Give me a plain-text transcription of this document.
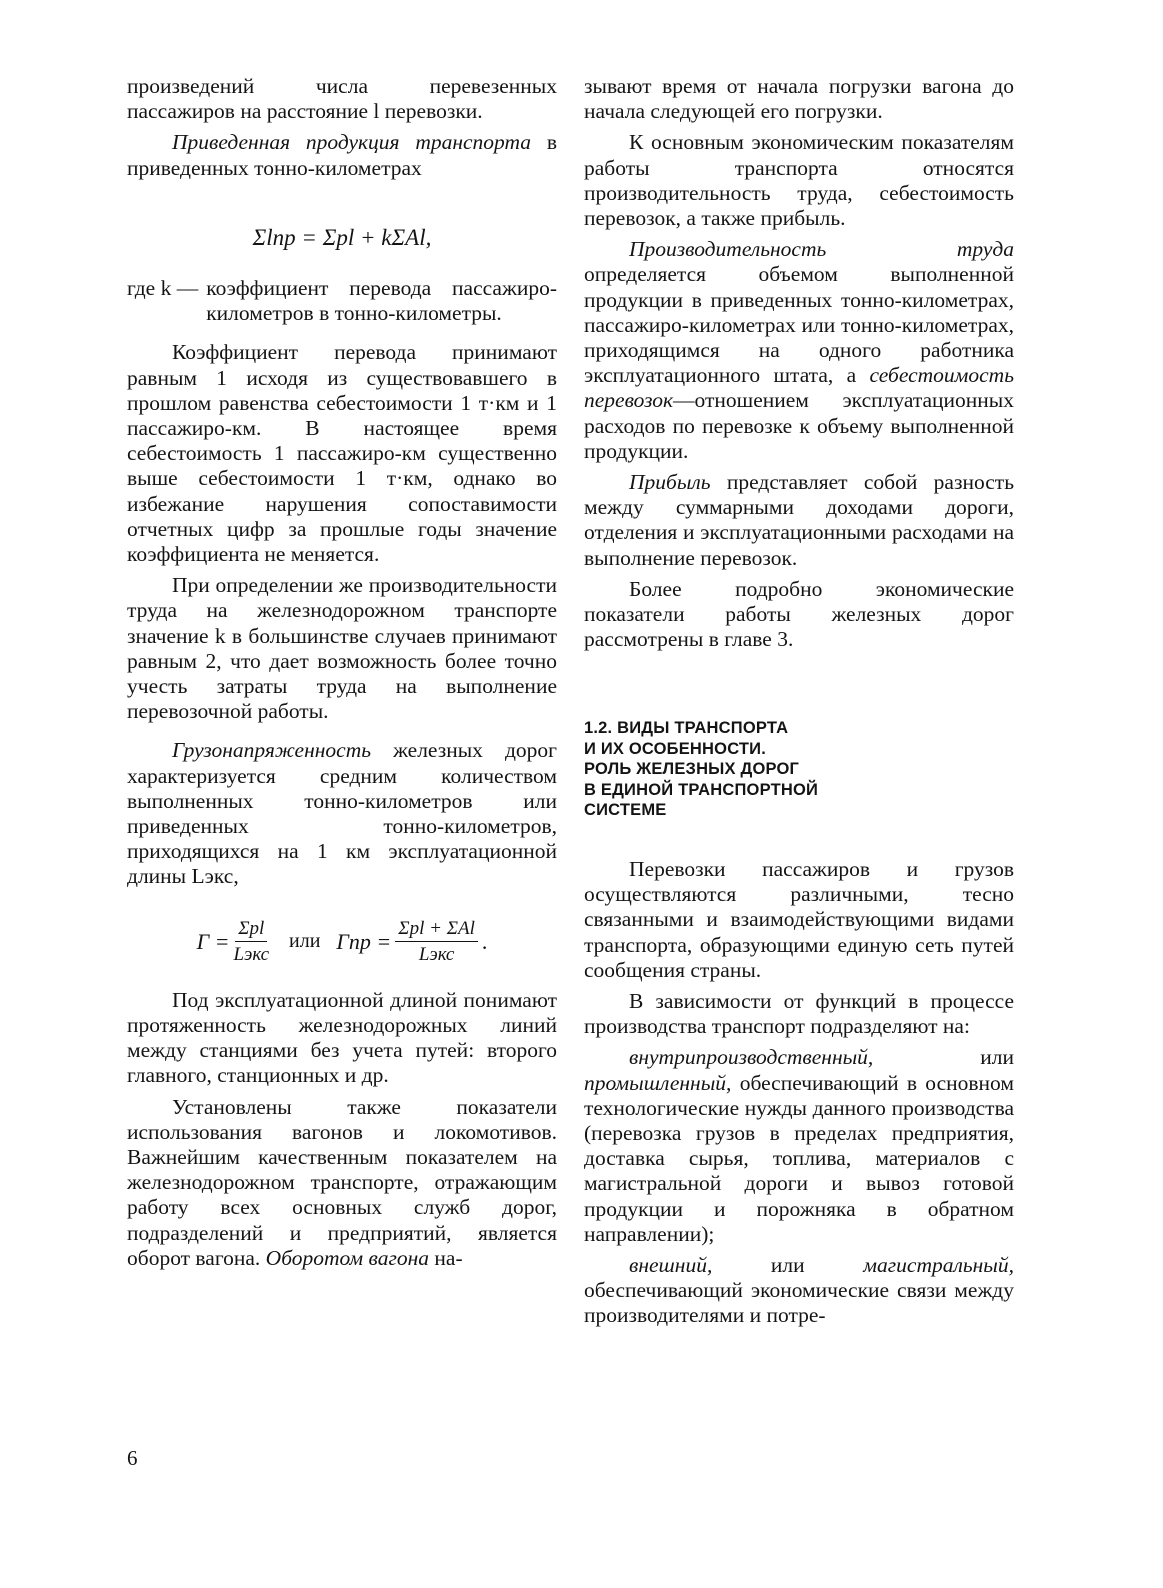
произведений числа перевезенных пассажиров на расстояние l перевозки.

Приведенная продукция транспорта в приведенных тонно-километрах

Σlпр = Σpl + kΣAl,
где k — коэффициент перевода пассажиро-километров в тонно-километры.

Коэффициент перевода принимают равным 1 исходя из существовавшего в прошлом равенства себестоимости 1 т·км и 1 пассажиро-км. В настоящее время себестоимость 1 пассажиро-км существенно выше себестоимости 1 т·км, однако во избежание нарушения сопоставимости отчетных цифр за прошлые годы значение коэффициента не меняется.

При определении же производительности труда на железнодорожном транспорте значение k в большинстве случаев принимают равным 2, что дает возможность более точно учесть затраты труда на выполнение перевозочной работы.

Грузонапряженность железных дорог характеризуется средним количеством выполненных тонно-километров или приведенных тонно-километров, приходящихся на 1 км эксплуатационной длины Lэкс,

$Г = \frac{\text{Σpl}}{\text{Lэкс}}$ или Гпр = $\frac{\text{Σpl + ΣAl}}{\text{Lэкс}}$ .

Под эксплуатационной длиной понимают протяженность железнодорожных линий между станциями без учета путей: второго главного, станционных и др.

Установлены также показатели использования вагонов и локомотивов. Важнейшим качественным показателем на железнодорожном транспорте, отражающим работу всех основных служб дорог, подразделений и предприятий, является оборот вагона. Оборотом вагона на-

зывают время от начала погрузки вагона до начала следующей его погрузки.

К основным экономическим показателям работы транспорта относятся производительность труда, себестоимость перевозок, а также прибыль.

Производительность труда определяется объемом выполненной продукции в приведенных тонно-километрах, пассажиро-километрах или тонно-километрах, приходящимся на одного работника эксплуатационного штата, а себестоимость перевозок—отношением эксплуатационных расходов по перевозке к объему выполненной продукции.

Прибыль представляет собой разность между суммарными доходами дороги, отделения и эксплуатационными расходами на выполнение перевозок.

Более подробно экономические показатели работы железных дорог рассмотрены в главе 3.

1.2. ВИДЫ ТРАНСПОРТА
И ИХ ОСОБЕННОСТИ.
РОЛЬ ЖЕЛЕЗНЫХ ДОРОГ
В ЕДИНОЙ ТРАНСПОРТНОЙ
СИСТЕМЕ

Перевозки пассажиров и грузов осуществляются различными, тесно связанными и взаимодействующими видами транспорта, образующими единую сеть путей сообщения страны.

В зависимости от функций в процессе производства транспорт подразделяют на:

внутрипроизводственный, или промышленный, обеспечивающий в основном технологические нужды данного производства (перевозка грузов в пределах предприятия, доставка сырья, топлива, материалов с магистральной дороги и вывоз готовой продукции и порожняка в обратном направлении);

внешний, или магистральный, обеспечивающий экономические связи между производителями и потре-

6
